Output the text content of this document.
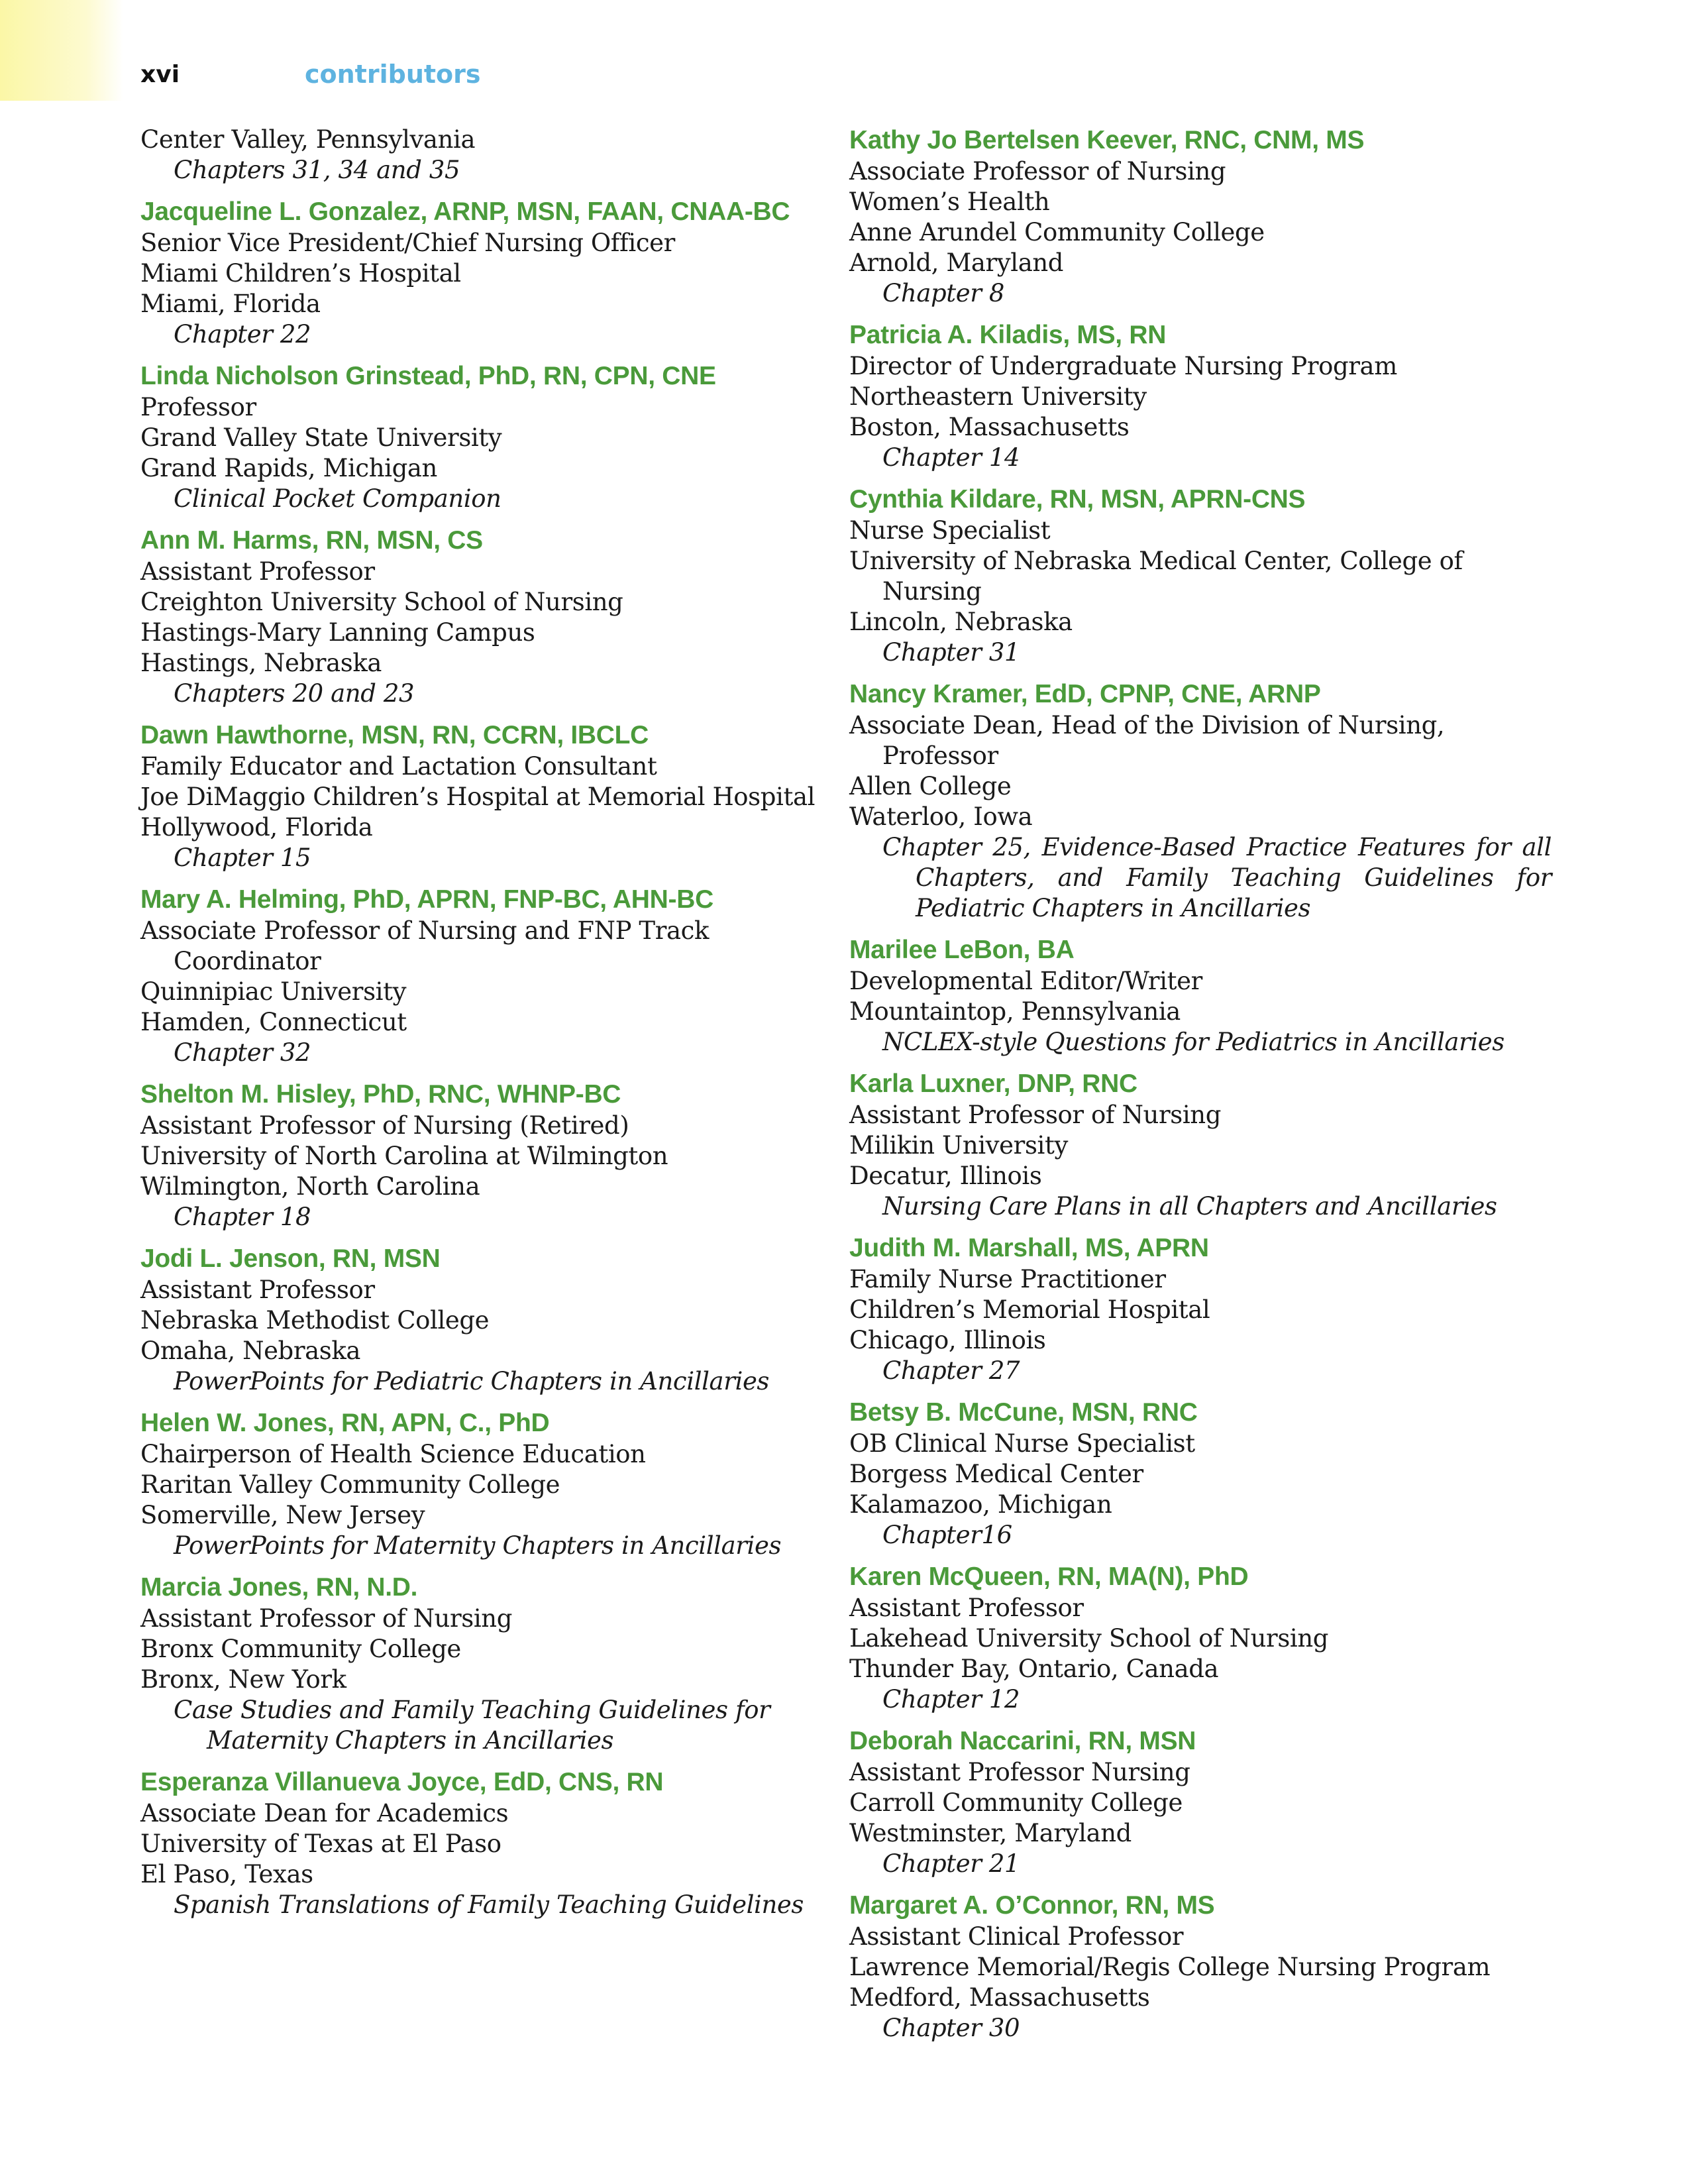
xvi	contributors
Center Valley, Pennsylvania
Chapters 31, 34 and 35
Jacqueline L. Gonzalez, ARNP, MSN, FAAN, CNAA-BC
Senior Vice President/Chief Nursing Officer
Miami Children’s Hospital
Miami, Florida
Chapter 22
Linda Nicholson Grinstead, PhD, RN, CPN, CNE
Professor
Grand Valley State University
Grand Rapids, Michigan
Clinical Pocket Companion
Ann M. Harms, RN, MSN, CS
Assistant Professor
Creighton University School of Nursing
Hastings-Mary Lanning Campus
Hastings, Nebraska
Chapters 20 and 23
Dawn Hawthorne, MSN, RN, CCRN, IBCLC
Family Educator and Lactation Consultant
Joe DiMaggio Children’s Hospital at Memorial Hospital
Hollywood, Florida
Chapter 15
Mary A. Helming, PhD, APRN, FNP-BC, AHN-BC
Associate Professor of Nursing and FNP Track Coordinator
Quinnipiac University
Hamden, Connecticut
Chapter 32
Shelton M. Hisley, PhD, RNC, WHNP-BC
Assistant Professor of Nursing (Retired)
University of North Carolina at Wilmington
Wilmington, North Carolina
Chapter 18
Jodi L. Jenson, RN, MSN
Assistant Professor
Nebraska Methodist College
Omaha, Nebraska
PowerPoints for Pediatric Chapters in Ancillaries
Helen W. Jones, RN, APN, C., PhD
Chairperson of Health Science Education
Raritan Valley Community College
Somerville, New Jersey
PowerPoints for Maternity Chapters in Ancillaries
Marcia Jones, RN, N.D.
Assistant Professor of Nursing
Bronx Community College
Bronx, New York
Case Studies and Family Teaching Guidelines for Maternity Chapters in Ancillaries
Esperanza Villanueva Joyce, EdD, CNS, RN
Associate Dean for Academics
University of Texas at El Paso
El Paso, Texas
Spanish Translations of Family Teaching Guidelines
Kathy Jo Bertelsen Keever, RNC, CNM, MS
Associate Professor of Nursing
Women’s Health
Anne Arundel Community College
Arnold, Maryland
Chapter 8
Patricia A. Kiladis, MS, RN
Director of Undergraduate Nursing Program
Northeastern University
Boston, Massachusetts
Chapter 14
Cynthia Kildare, RN, MSN, APRN-CNS
Nurse Specialist
University of Nebraska Medical Center, College of Nursing
Lincoln, Nebraska
Chapter 31
Nancy Kramer, EdD, CPNP, CNE, ARNP
Associate Dean, Head of the Division of Nursing, Professor
Allen College
Waterloo, Iowa
Chapter 25, Evidence-Based Practice Features for all Chapters, and Family Teaching Guidelines for Pediatric Chapters in Ancillaries
Marilee LeBon, BA
Developmental Editor/Writer
Mountaintop, Pennsylvania
NCLEX-style Questions for Pediatrics in Ancillaries
Karla Luxner, DNP, RNC
Assistant Professor of Nursing
Milikin University
Decatur, Illinois
Nursing Care Plans in all Chapters and Ancillaries
Judith M. Marshall, MS, APRN
Family Nurse Practitioner
Children’s Memorial Hospital
Chicago, Illinois
Chapter 27
Betsy B. McCune, MSN, RNC
OB Clinical Nurse Specialist
Borgess Medical Center
Kalamazoo, Michigan
Chapter16
Karen McQueen, RN, MA(N), PhD
Assistant Professor
Lakehead University School of Nursing
Thunder Bay, Ontario, Canada
Chapter 12
Deborah Naccarini, RN, MSN
Assistant Professor Nursing
Carroll Community College
Westminster, Maryland
Chapter 21
Margaret A. O’Connor, RN, MS
Assistant Clinical Professor
Lawrence Memorial/Regis College Nursing Program
Medford, Massachusetts
Chapter 30
